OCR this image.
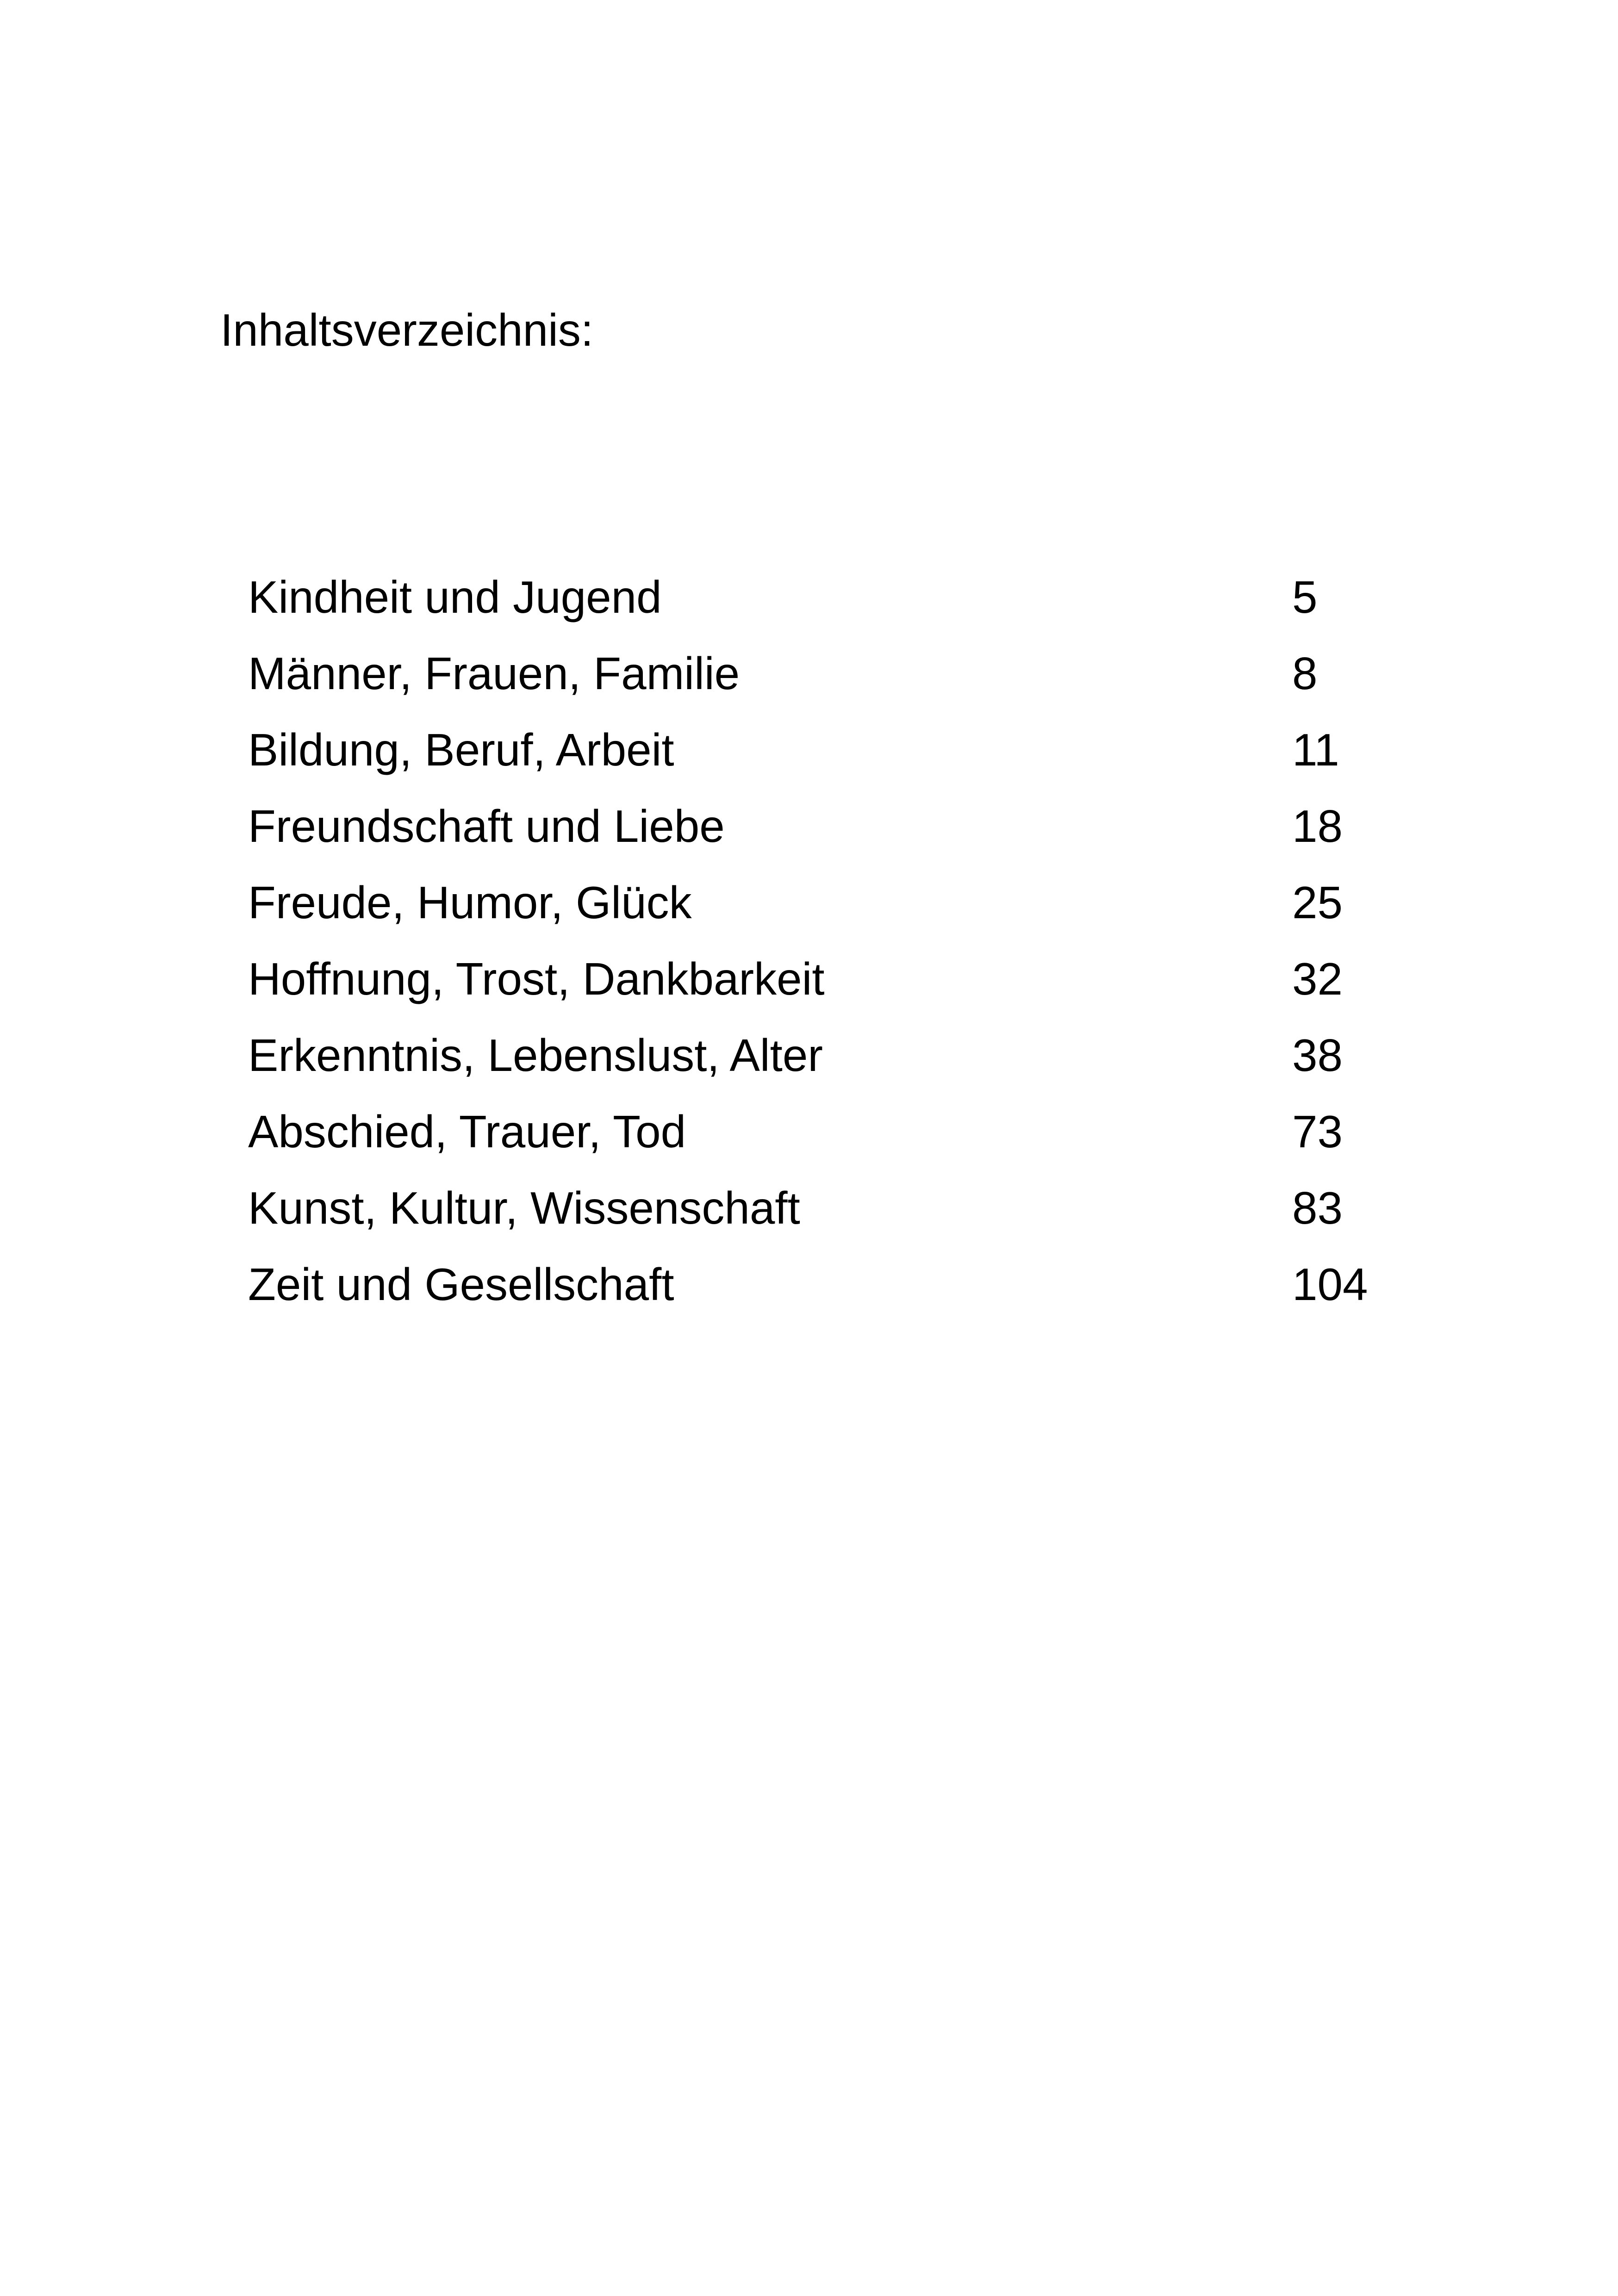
Inhaltsverzeichnis:
Kindheit und Jugend	5
Männer, Frauen, Familie	8
Bildung, Beruf, Arbeit	11
Freundschaft und Liebe	18
Freude, Humor, Glück	25
Hoffnung, Trost, Dankbarkeit	32
Erkenntnis, Lebenslust, Alter	38
Abschied, Trauer, Tod	73
Kunst, Kultur, Wissenschaft	83
Zeit und Gesellschaft	104
